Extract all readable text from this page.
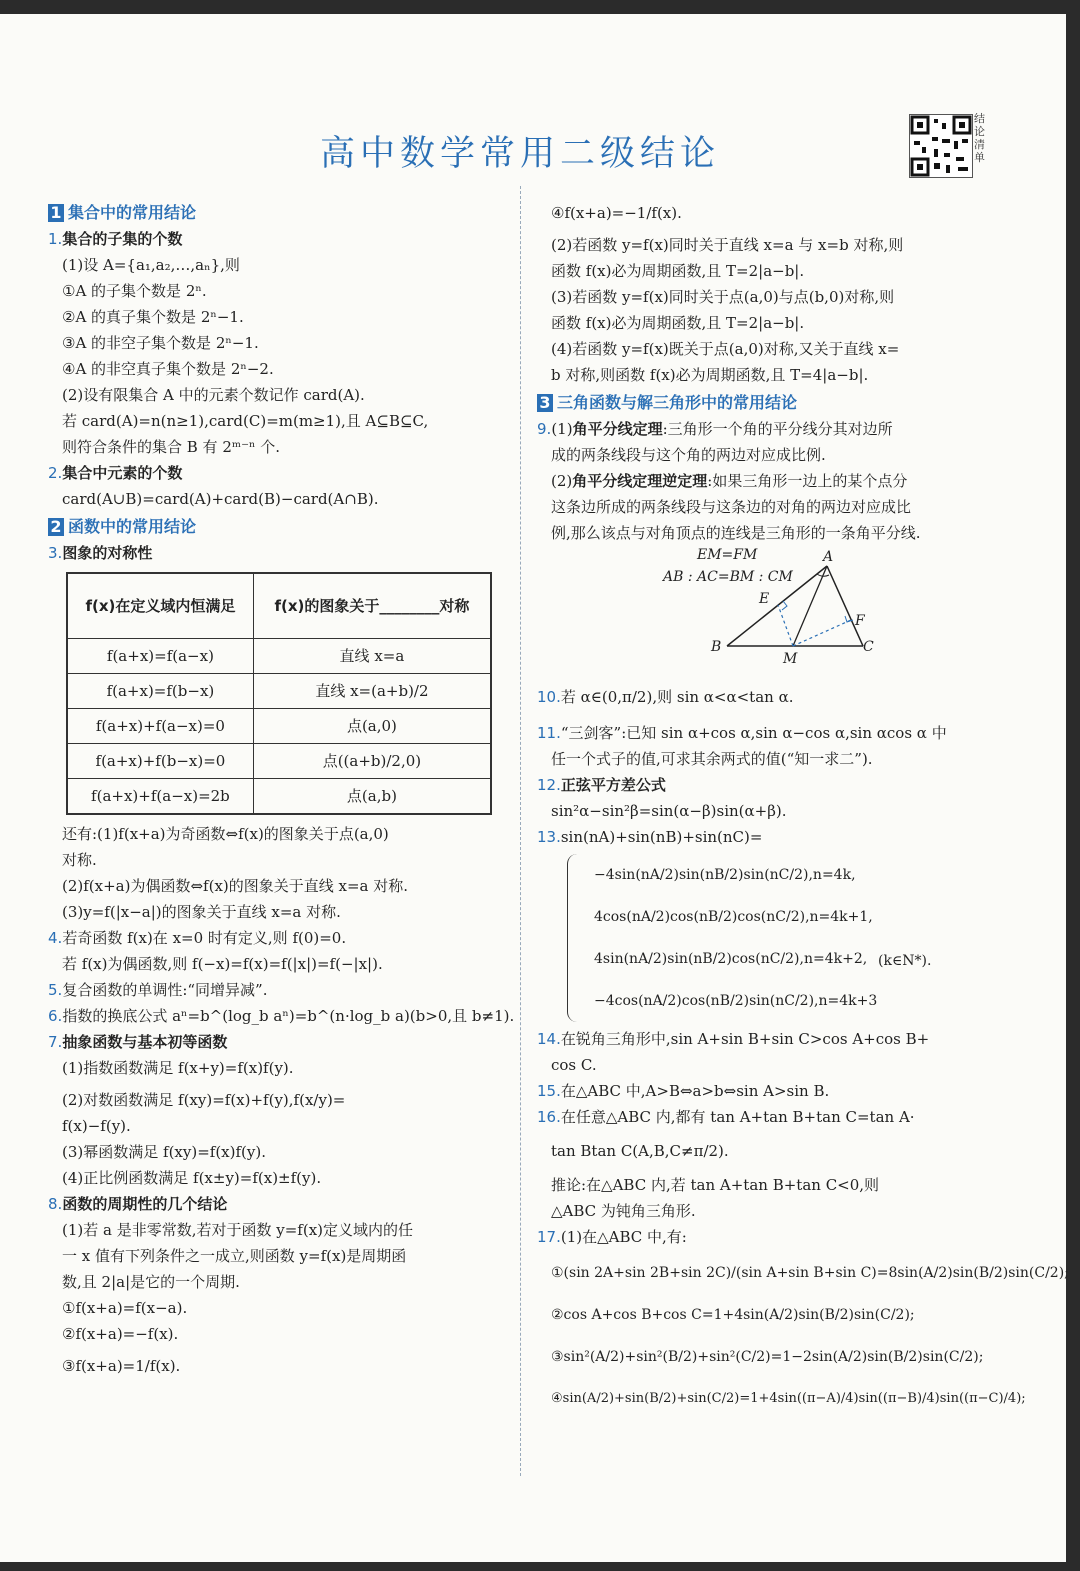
高中数学常用二级结论
结论清单
1 集合中的常用结论
1.集合的子集的个数
(1)设 A={a₁,a₂,…,aₙ},则
①A 的子集个数是 2ⁿ.
②A 的真子集个数是 2ⁿ−1.
③A 的非空子集个数是 2ⁿ−1.
④A 的非空真子集个数是 2ⁿ−2.
(2)设有限集合 A 中的元素个数记作 card(A).
若 card(A)=n(n≥1),card(C)=m(m≥1),且 A⊆B⊆C,
则符合条件的集合 B 有 2ᵐ⁻ⁿ 个.
2.集合中元素的个数
card(A∪B)=card(A)+card(B)−card(A∩B).
2 函数中的常用结论
3.图象的对称性
f(x)在定义域内恒满足	f(x)的图象关于________对称
f(a+x)=f(a−x)	直线 x=a
f(a+x)=f(b−x)	直线 x=(a+b)/2
f(a+x)+f(a−x)=0	点(a,0)
f(a+x)+f(b−x)=0	点((a+b)/2,0)
f(a+x)+f(a−x)=2b	点(a,b)
还有:(1)f(x+a)为奇函数⇔f(x)的图象关于点(a,0)
对称.
(2)f(x+a)为偶函数⇔f(x)的图象关于直线 x=a 对称.
(3)y=f(|x−a|)的图象关于直线 x=a 对称.
4.若奇函数 f(x)在 x=0 时有定义,则 f(0)=0.
若 f(x)为偶函数,则 f(−x)=f(x)=f(|x|)=f(−|x|).
5.复合函数的单调性:“同增异减”.
6.指数的换底公式 aⁿ=b^(log_b aⁿ)=b^(n·log_b a)(b>0,且 b≠1).
7.抽象函数与基本初等函数
(1)指数函数满足 f(x+y)=f(x)f(y).
(2)对数函数满足 f(xy)=f(x)+f(y),f(x/y)=
f(x)−f(y).
(3)幂函数满足 f(xy)=f(x)f(y).
(4)正比例函数满足 f(x±y)=f(x)±f(y).
8.函数的周期性的几个结论
(1)若 a 是非零常数,若对于函数 y=f(x)定义域内的任
一 x 值有下列条件之一成立,则函数 y=f(x)是周期函
数,且 2|a|是它的一个周期.
①f(x+a)=f(x−a).
②f(x+a)=−f(x).
③f(x+a)=1/f(x).
④f(x+a)=−1/f(x).
(2)若函数 y=f(x)同时关于直线 x=a 与 x=b 对称,则
函数 f(x)必为周期函数,且 T=2|a−b|.
(3)若函数 y=f(x)同时关于点(a,0)与点(b,0)对称,则
函数 f(x)必为周期函数,且 T=2|a−b|.
(4)若函数 y=f(x)既关于点(a,0)对称,又关于直线 x=
b 对称,则函数 f(x)必为周期函数,且 T=4|a−b|.
3 三角函数与解三角形中的常用结论
9.(1)角平分线定理:三角形一个角的平分线分其对边所
成的两条线段与这个角的两边对应成比例.
(2)角平分线定理逆定理:如果三角形一边上的某个点分
这条边所成的两条线段与这条边的对角的两边对应成比
例,那么该点与对角顶点的连线是三角形的一条角平分线.
EM=FM
AB : AC=BM : CM
A
E
F
B
M
C
10.若 α∈(0,π/2),则 sin α<α<tan α.
11.“三剑客”:已知 sin α+cos α,sin α−cos α,sin αcos α 中
任一个式子的值,可求其余两式的值(“知一求二”).
12.正弦平方差公式
sin²α−sin²β=sin(α−β)sin(α+β).
13.sin(nA)+sin(nB)+sin(nC)=
−4sin(nA/2)sin(nB/2)sin(nC/2),n=4k,
4cos(nA/2)cos(nB/2)cos(nC/2),n=4k+1,
4sin(nA/2)sin(nB/2)cos(nC/2),n=4k+2,
−4cos(nA/2)cos(nB/2)sin(nC/2),n=4k+3
(k∈N*).
14.在锐角三角形中,sin A+sin B+sin C>cos A+cos B+
cos C.
15.在△ABC 中,A>B⇔a>b⇔sin A>sin B.
16.在任意△ABC 内,都有 tan A+tan B+tan C=tan A·
tan Btan C(A,B,C≠π/2).
推论:在△ABC 内,若 tan A+tan B+tan C<0,则
△ABC 为钝角三角形.
17.(1)在△ABC 中,有:
①(sin 2A+sin 2B+sin 2C)/(sin A+sin B+sin C)=8sin(A/2)sin(B/2)sin(C/2);
②cos A+cos B+cos C=1+4sin(A/2)sin(B/2)sin(C/2);
③sin²(A/2)+sin²(B/2)+sin²(C/2)=1−2sin(A/2)sin(B/2)sin(C/2);
④sin(A/2)+sin(B/2)+sin(C/2)=1+4sin((π−A)/4)sin((π−B)/4)sin((π−C)/4);
